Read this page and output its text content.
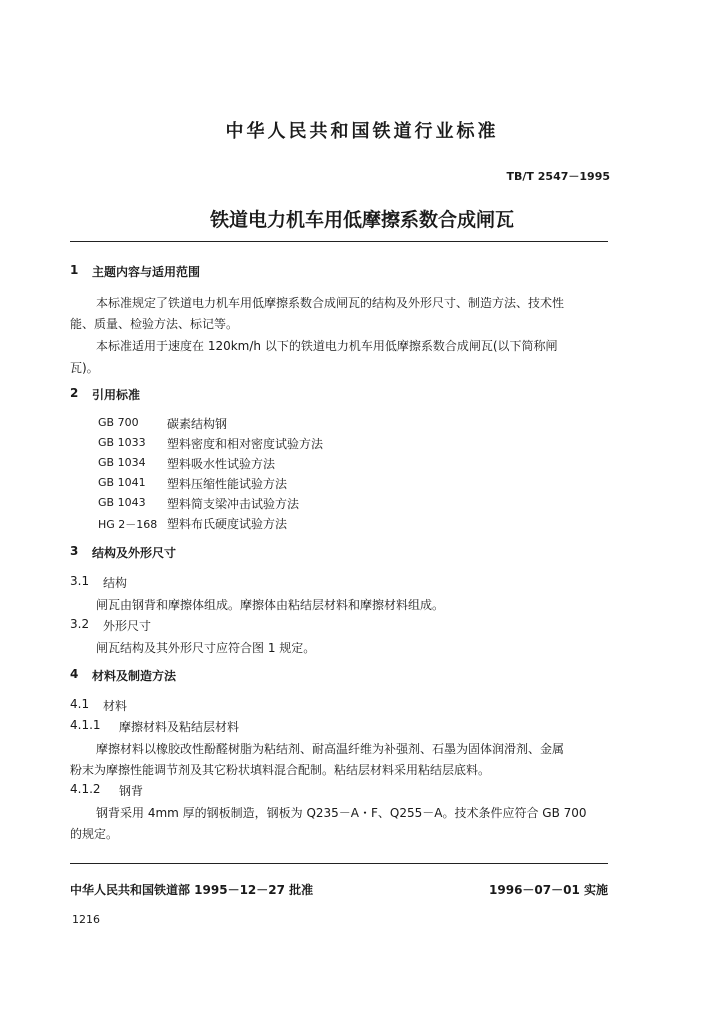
中华人民共和国铁道行业标准
TB/T 2547－1995
铁道电力机车用低摩擦系数合成闸瓦
1 主题内容与适用范围
本标准规定了铁道电力机车用低摩擦系数合成闸瓦的结构及外形尺寸、制造方法、技术性
能、质量、检验方法、标记等。
本标准适用于速度在 120km/h 以下的铁道电力机车用低摩擦系数合成闸瓦(以下简称闸
瓦)。
2 引用标准
GB 700 碳素结构钢
GB 1033 塑料密度和相对密度试验方法
GB 1034 塑料吸水性试验方法
GB 1041 塑料压缩性能试验方法
GB 1043 塑料简支梁冲击试验方法
HG 2－168 塑料布氏硬度试验方法
3 结构及外形尺寸
3.1 结构
闸瓦由钢背和摩擦体组成。摩擦体由粘结层材料和摩擦材料组成。
3.2 外形尺寸
闸瓦结构及其外形尺寸应符合图 1 规定。
4 材料及制造方法
4.1 材料
4.1.1 摩擦材料及粘结层材料
摩擦材料以橡胶改性酚醛树脂为粘结剂、耐高温纤维为补强剂、石墨为固体润滑剂、金属
粉末为摩擦性能调节剂及其它粉状填料混合配制。粘结层材料采用粘结层底料。
4.1.2 钢背
钢背采用 4mm 厚的钢板制造，钢板为 Q235－A・F、Q255－A。技术条件应符合 GB 700
的规定。
中华人民共和国铁道部 1995－12－27 批准	1996－07－01 实施
1216
